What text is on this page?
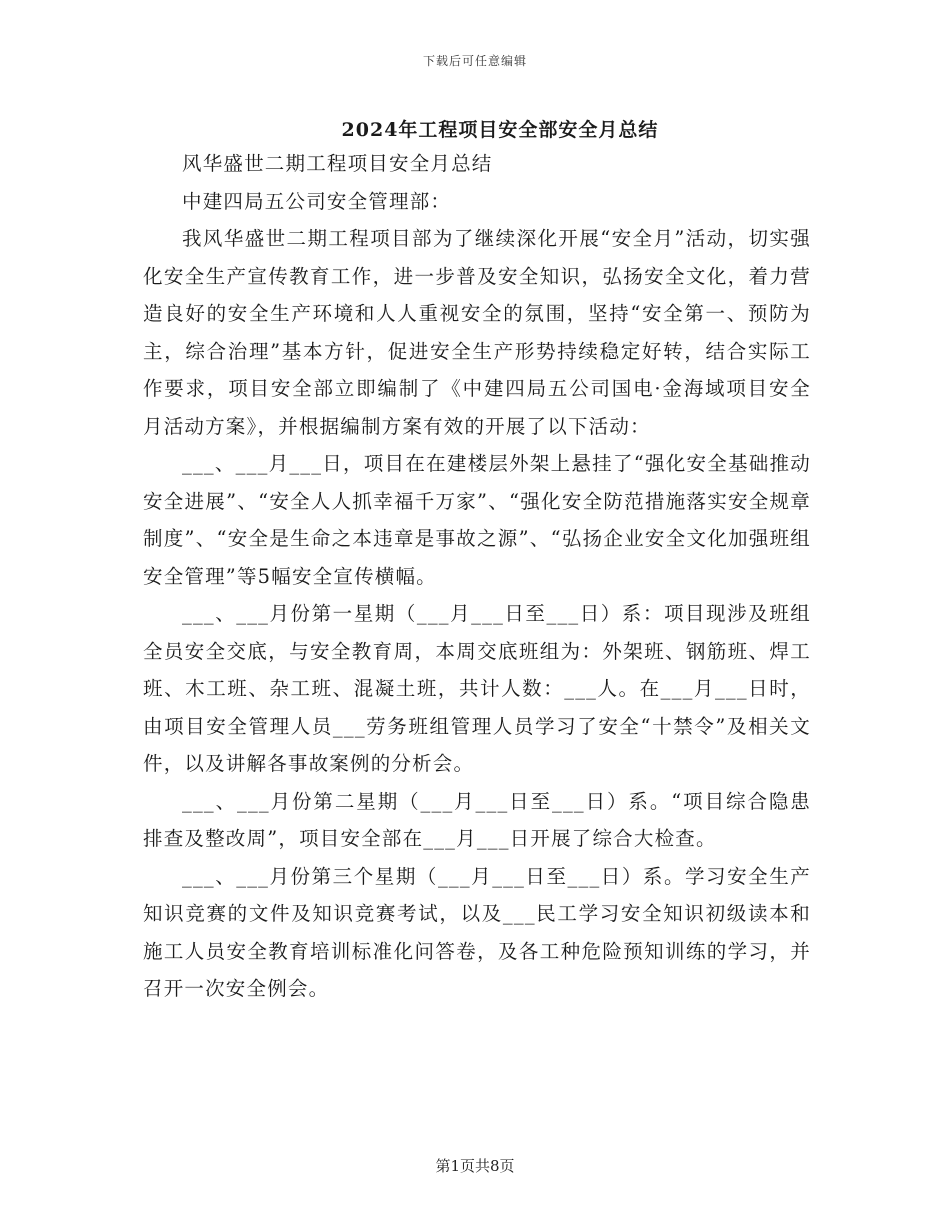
下载后可任意编辑
2024年工程项目安全部安全月总结

风华盛世二期工程项目安全月总结

中建四局五公司安全管理部：

我风华盛世二期工程项目部为了继续深化开展“安全月”活动，切实强化安全生产宣传教育工作，进一步普及安全知识，弘扬安全文化，着力营造良好的安全生产环境和人人重视安全的氛围，坚持“安全第一、预防为主，综合治理”基本方针，促进安全生产形势持续稳定好转，结合实际工作要求，项目安全部立即编制了《中建四局五公司国电·金海域项目安全月活动方案》，并根据编制方案有效的开展了以下活动：

___、___月___日，项目在在建楼层外架上悬挂了“强化安全基础推动安全进展”、“安全人人抓幸福千万家”、“强化安全防范措施落实安全规章制度”、“安全是生命之本违章是事故之源”、“弘扬企业安全文化加强班组安全管理”等5幅安全宣传横幅。

___、___月份第一星期（___月___日至___日）系：项目现涉及班组全员安全交底，与安全教育周，本周交底班组为：外架班、钢筋班、焊工班、木工班、杂工班、混凝土班，共计人数：___人。在___月___日时，由项目安全管理人员___劳务班组管理人员学习了安全“十禁令”及相关文件，以及讲解各事故案例的分析会。

___、___月份第二星期（___月___日至___日）系。“项目综合隐患排查及整改周”，项目安全部在___月___日开展了综合大检查。

___、___月份第三个星期（___月___日至___日）系。学习安全生产知识竞赛的文件及知识竞赛考试，以及___民工学习安全知识初级读本和施工人员安全教育培训标准化问答卷，及各工种危险预知训练的学习，并召开一次安全例会。

第1页共8页
